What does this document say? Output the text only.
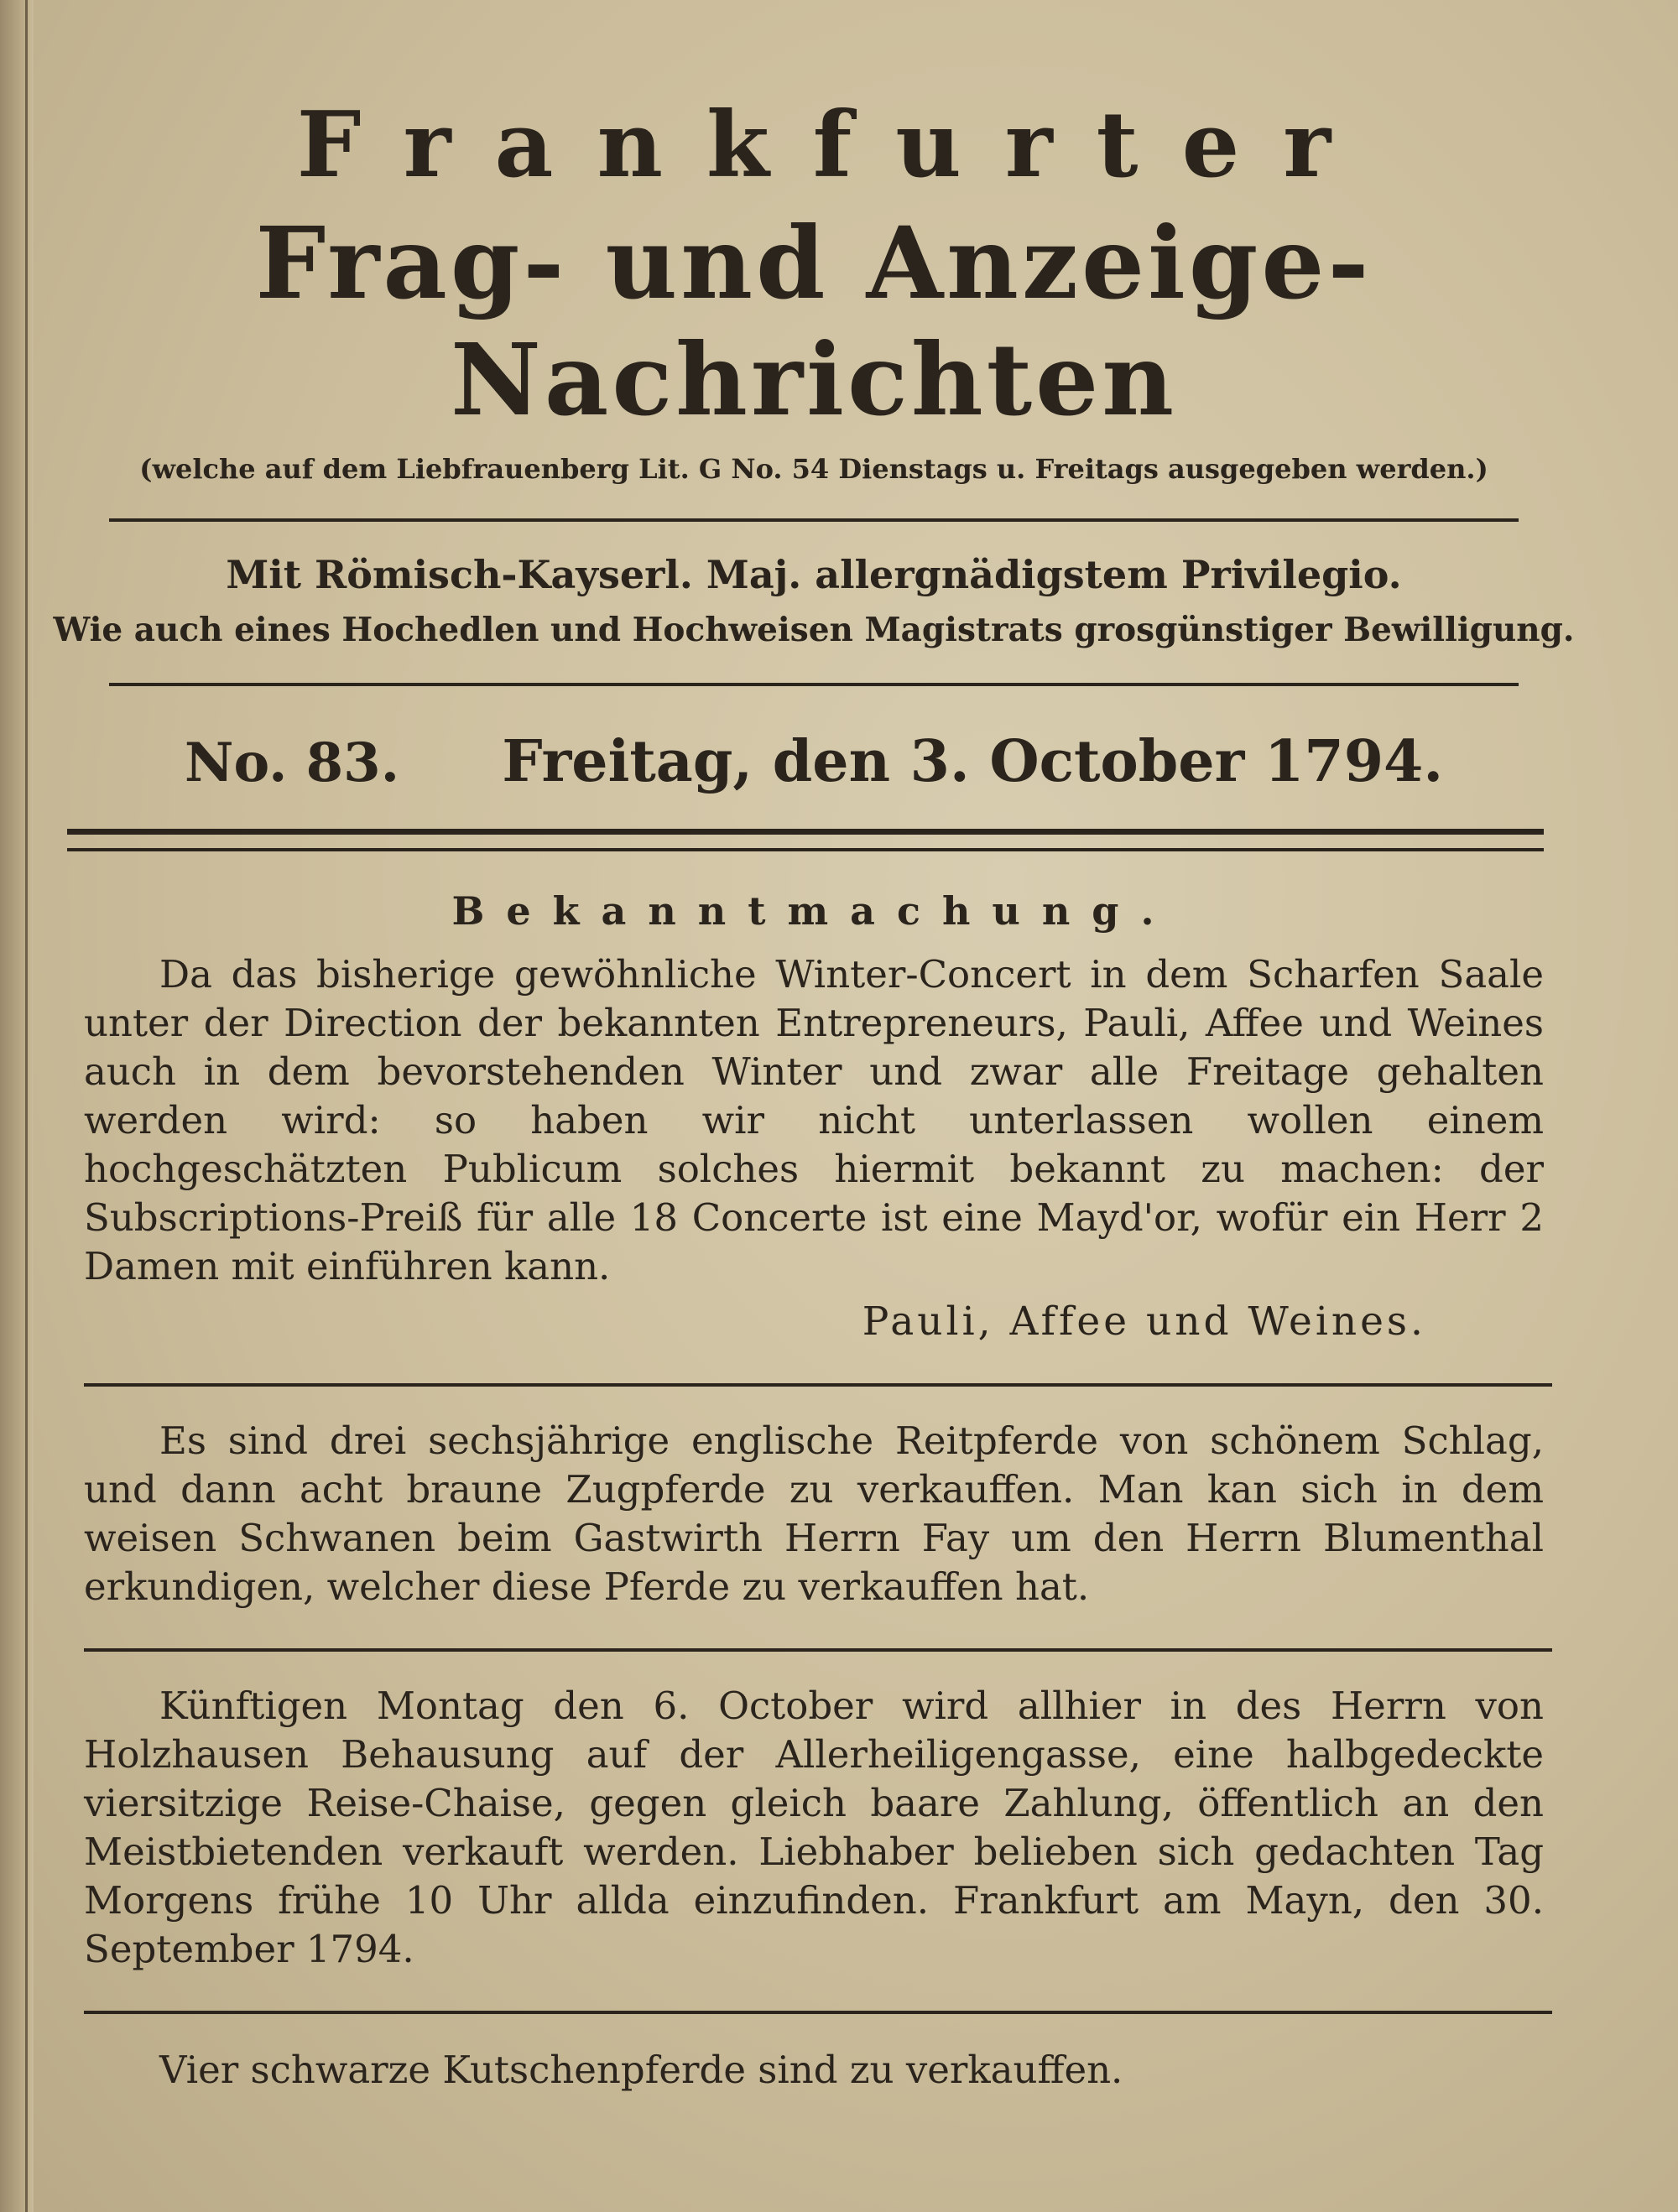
Frankfurter
Frag- und Anzeige-Nachrichten
(welche auf dem Liebfrauenberg Lit. G No. 54 Dienstags u. Freitags ausgegeben werden.)
Mit Römisch-Kayserl. Maj. allergnädigstem Privilegio.
Wie auch eines Hochedlen und Hochweisen Magistrats grosgünstiger Bewilligung.
No. 83. Freitag, den 3. October 1794.
Bekanntmachung.

Da das bisherige gewöhnliche Winter-Concert in dem Scharfen Saale unter der Direction der bekannten Entrepreneurs, Pauli, Affee und Weines auch in dem bevorstehenden Winter und zwar alle Freitage gehalten werden wird: so haben wir nicht unterlassen wollen einem hochgeschätzten Publicum solches hiermit bekannt zu machen: der Subscriptions-Preiß für alle 18 Concerte ist eine Mayd'or, wofür ein Herr 2 Damen mit einführen kann.

Pauli, Affee und Weines.

Es sind drei sechsjährige englische Reitpferde von schönem Schlag, und dann acht braune Zugpferde zu verkauffen. Man kan sich in dem weisen Schwanen beim Gastwirth Herrn Fay um den Herrn Blumenthal erkundigen, welcher diese Pferde zu verkauffen hat.

Künftigen Montag den 6. October wird allhier in des Herrn von Holzhausen Behausung auf der Allerheiligengasse, eine halbgedeckte viersitzige Reise-Chaise, gegen gleich baare Zahlung, öffentlich an den Meistbietenden verkauft werden. Liebhaber belieben sich gedachten Tag Morgens frühe 10 Uhr allda einzufinden. Frankfurt am Mayn, den 30. September 1794.

Vier schwarze Kutschenpferde sind zu verkauffen.
